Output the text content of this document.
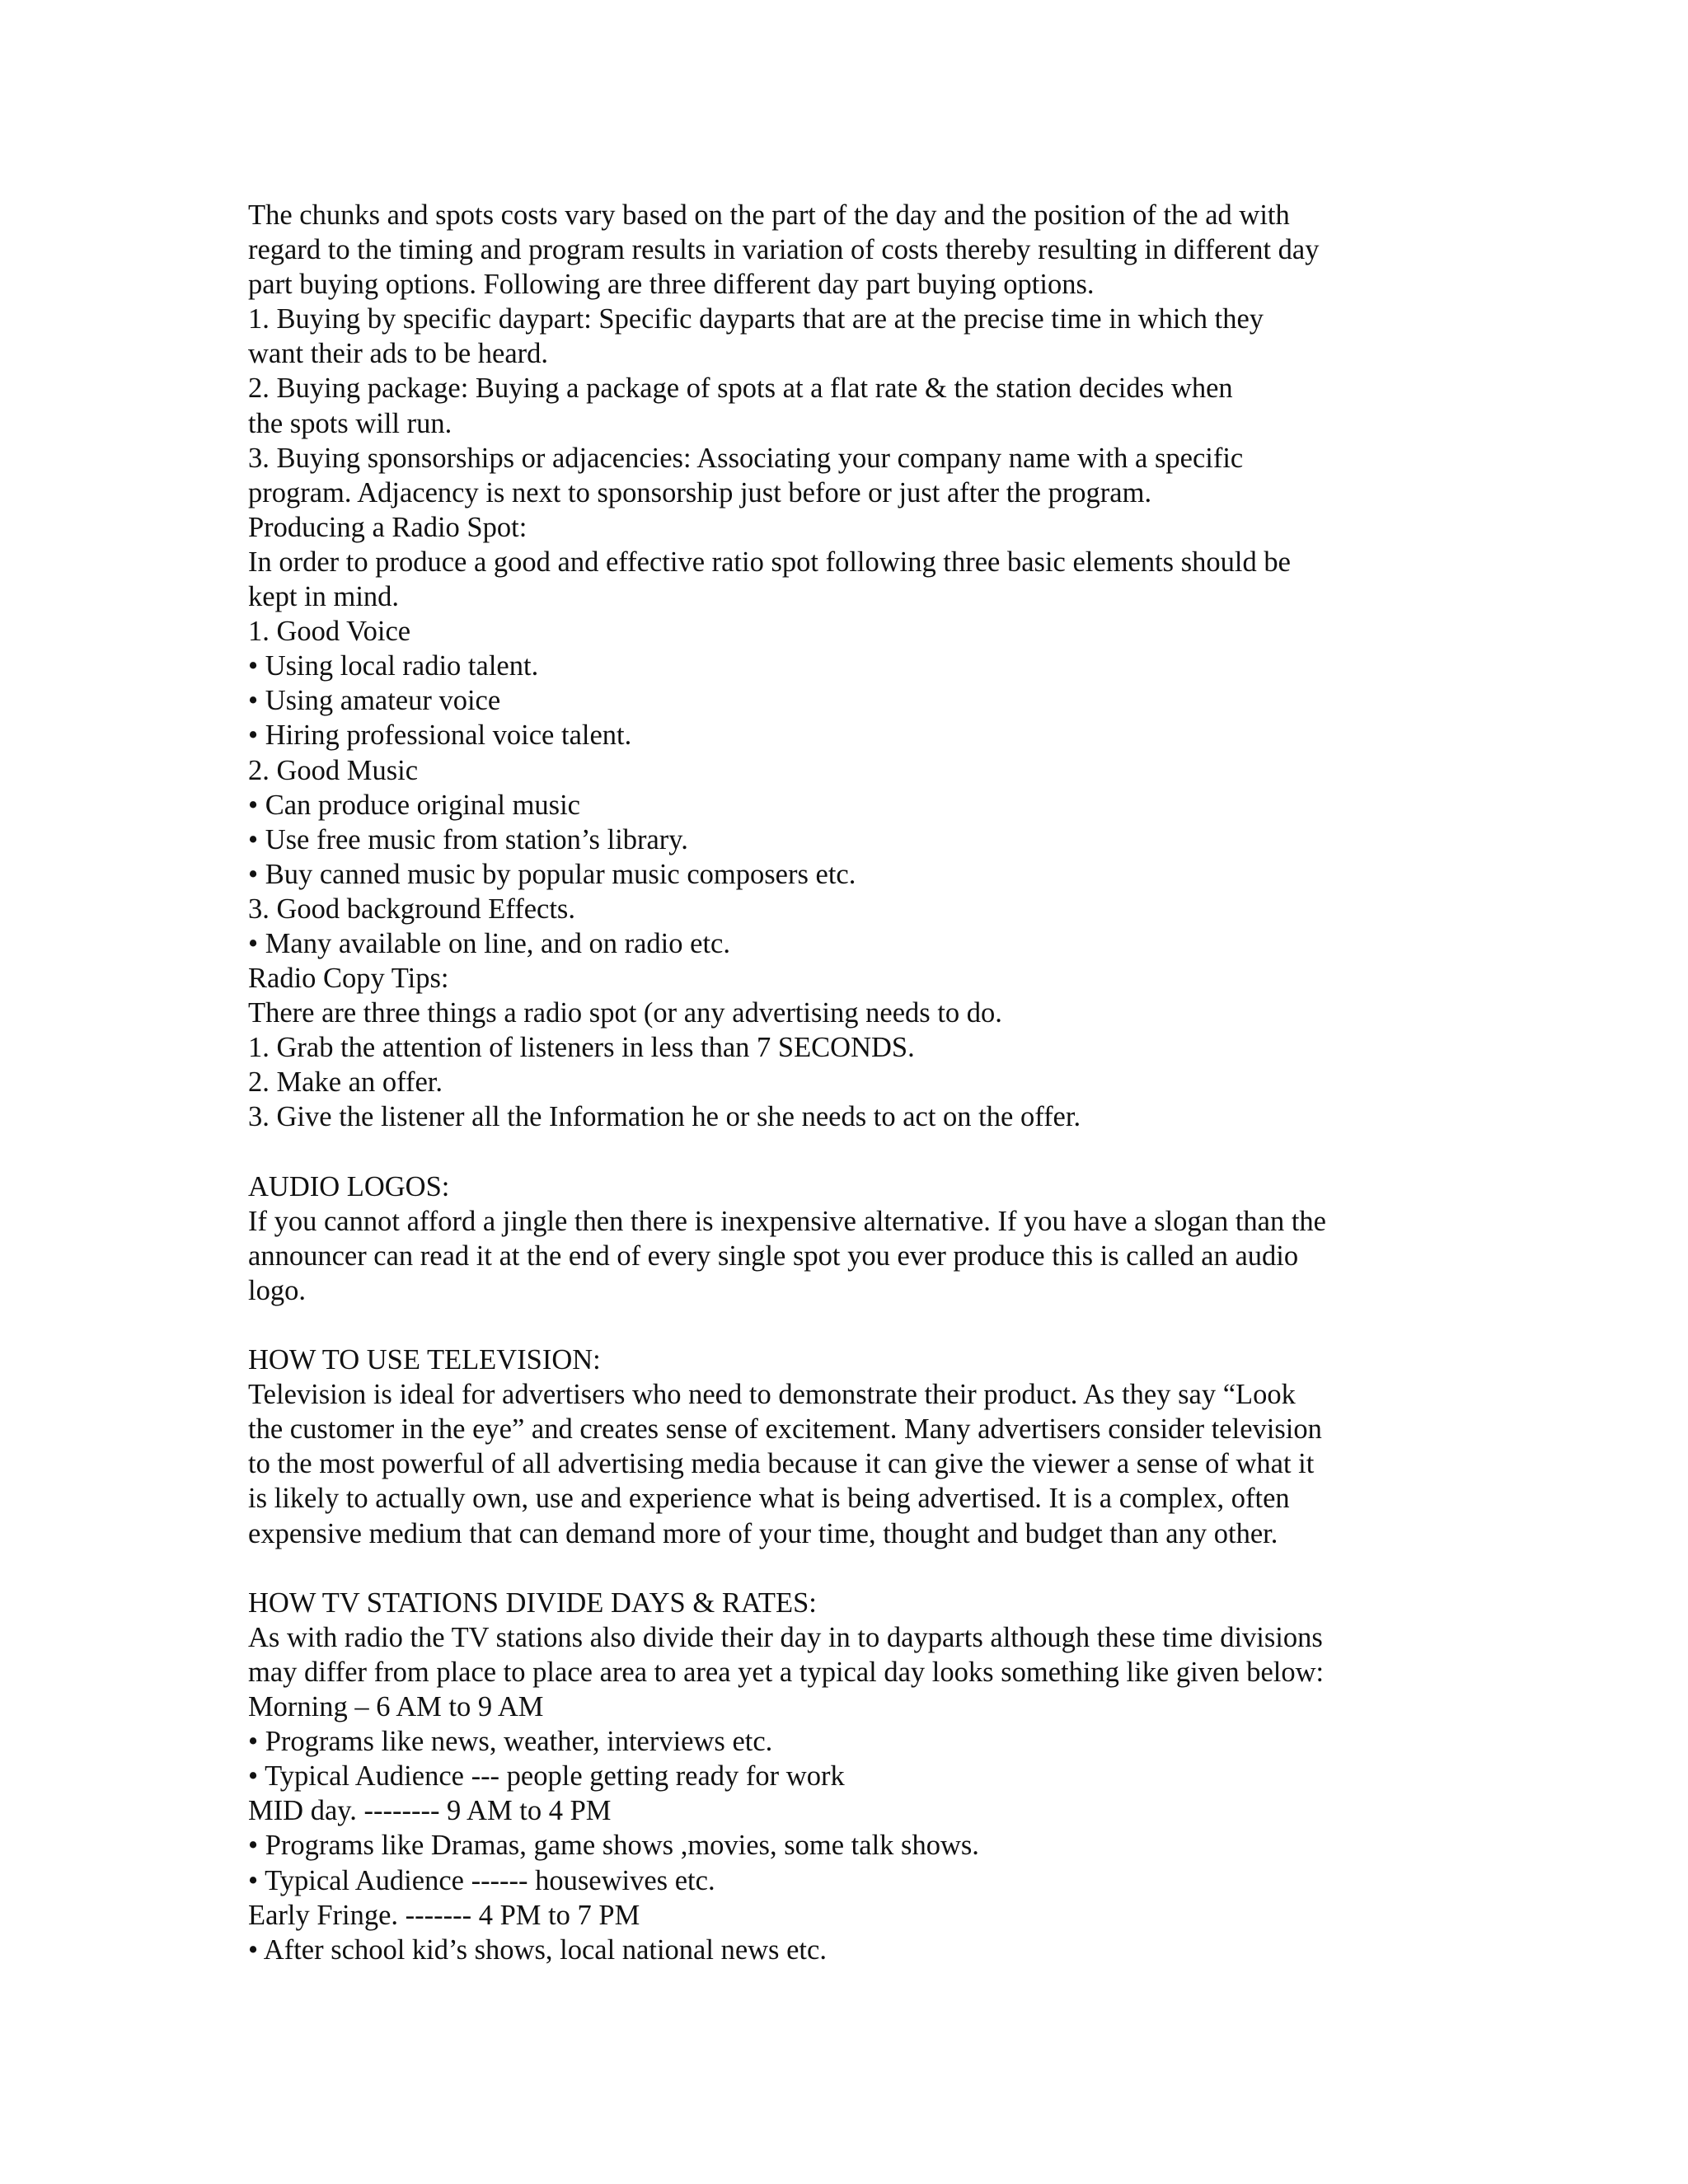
The chunks and spots costs vary based on the part of the day and the position of the ad with
regard to the timing and program results in variation of costs thereby resulting in different day
part buying options. Following are three different day part buying options.
1. Buying by specific daypart: Specific dayparts that are at the precise time in which they
want their ads to be heard.
2. Buying package: Buying a package of spots at a flat rate & the station decides when
the spots will run.
3. Buying sponsorships or adjacencies: Associating your company name with a specific
program. Adjacency is next to sponsorship just before or just after the program.
Producing a Radio Spot:
In order to produce a good and effective ratio spot following three basic elements should be
kept in mind.
1. Good Voice
• Using local radio talent.
• Using amateur voice
• Hiring professional voice talent.
2. Good Music
• Can produce original music
• Use free music from station’s library.
• Buy canned music by popular music composers etc.
3. Good background Effects.
• Many available on line, and on radio etc.
Radio Copy Tips:
There are three things a radio spot (or any advertising needs to do.
1. Grab the attention of listeners in less than 7 SECONDS.
2. Make an offer.
3. Give the listener all the Information he or she needs to act on the offer.
AUDIO LOGOS:
If you cannot afford a jingle then there is inexpensive alternative. If you have a slogan than the
announcer can read it at the end of every single spot you ever produce this is called an audio
logo.
HOW TO USE TELEVISION:
Television is ideal for advertisers who need to demonstrate their product. As they say “Look
the customer in the eye” and creates sense of excitement. Many advertisers consider television
to the most powerful of all advertising media because it can give the viewer a sense of what it
is likely to actually own, use and experience what is being advertised. It is a complex, often
expensive medium that can demand more of your time, thought and budget than any other.
HOW TV STATIONS DIVIDE DAYS & RATES:
As with radio the TV stations also divide their day in to dayparts although these time divisions
may differ from place to place area to area yet a typical day looks something like given below:
Morning – 6 AM to 9 AM
• Programs like news, weather, interviews etc.
• Typical Audience --- people getting ready for work
MID day. -------- 9 AM to 4 PM
• Programs like Dramas, game shows ,movies, some talk shows.
• Typical Audience ------ housewives etc.
Early Fringe. ------- 4 PM to 7 PM
• After school kid’s shows, local national news etc.
